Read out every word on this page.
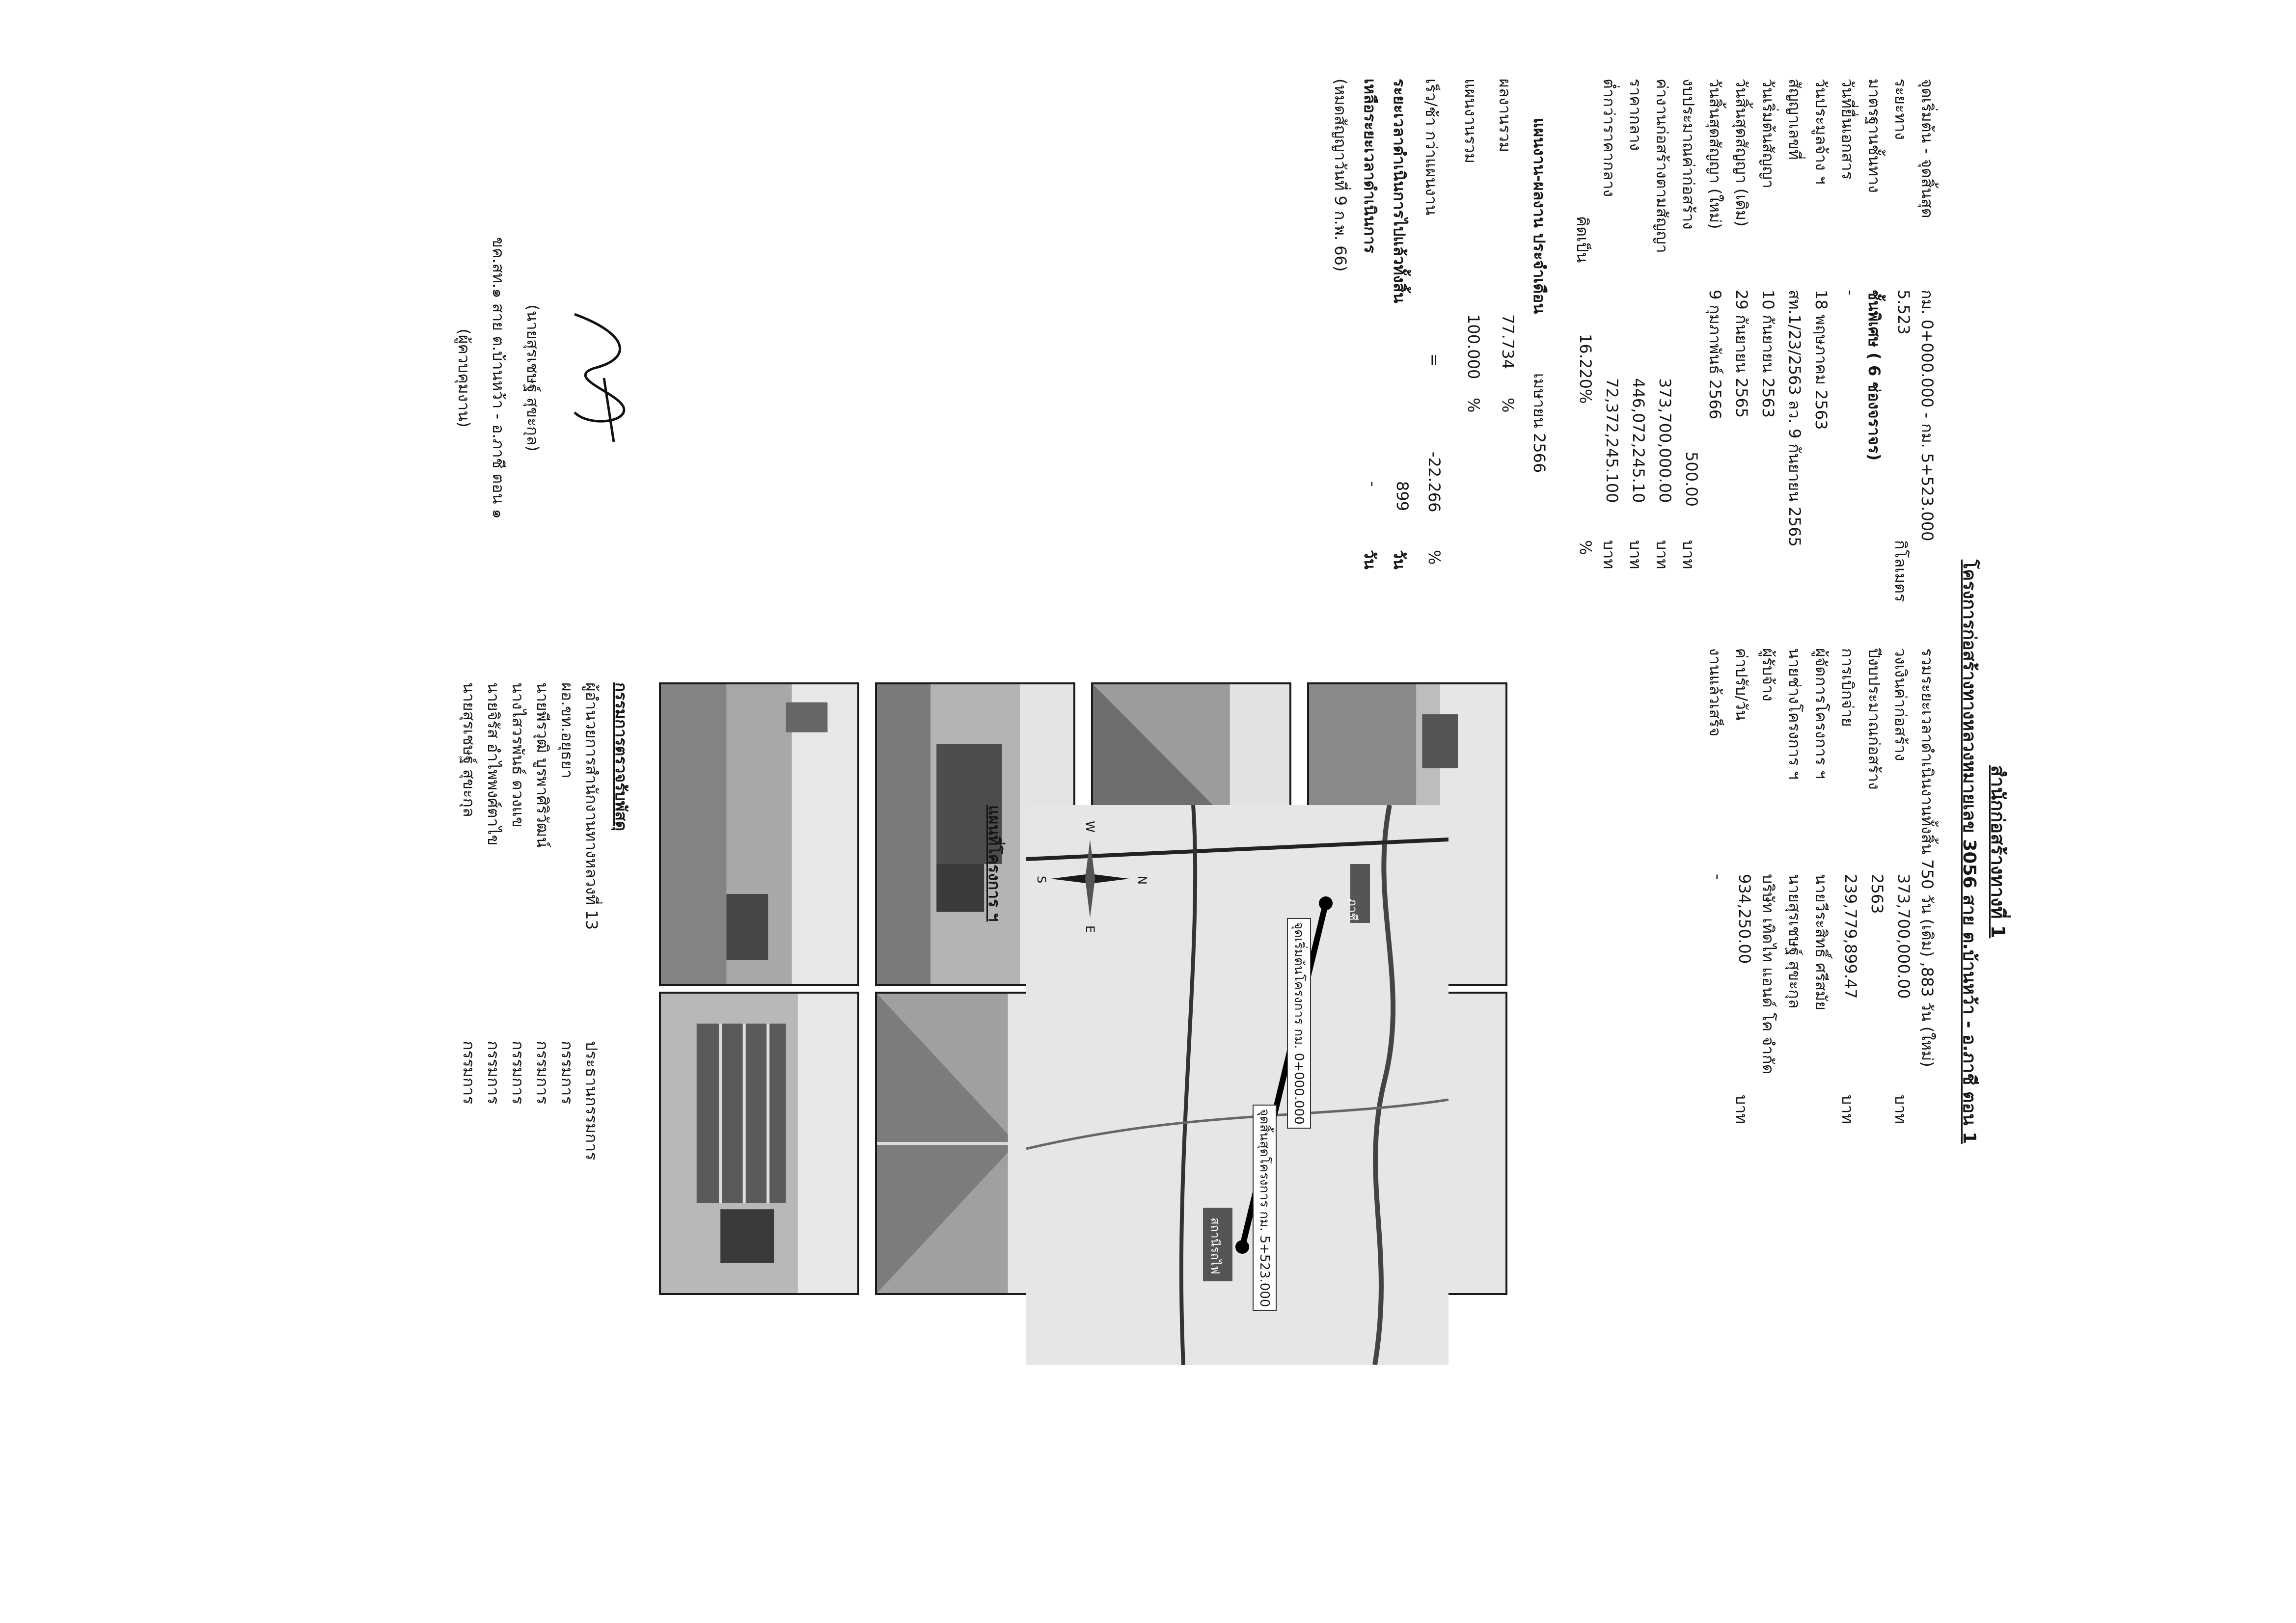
สำนักก่อสร้างทางที่ 1
โครงการก่อสร้างทางหลวงหมายเลข 3056 สาย ต.บ้านหว้า - อ.ภาชี ตอน 1
จุดเริ่มต้น - จุดสิ้นสุด
กม. 0+000.000 - กม. 5+523.000
รวมระยะเวลาดำเนินงานทั้งสิ้น 750 วัน (เดิม) ,883 วัน (ใหม่)
ระยะทาง
5.523
กิโลเมตร
วงเงินค่าก่อสร้าง
373,700,000.00
บาท
มาตรฐานชั้นทาง
ชั้นพิเศษ ( 6 ช่องจราจร)
ปีงบประมาณก่อสร้าง
2563
วันที่ยื่นเอกสาร
-
การเบิกจ่าย
239,779,899.47
บาท
วันประมูลจ้าง ฯ
18 พฤษภาคม 2563
ผู้จัดการโครงการ ฯ
นายวีระสิทธิ์ ศรีสมัย
สัญญาเลขที่
สท.1/23/2563 ลว. 9 กันยายน 2565
นายช่างโครงการ ฯ
นายสุรเชษฐ์ สุขะกุล
วันเริ่มต้นสัญญา
10 กันยายน 2563
ผู้รับจ้าง
บริษัท เทิดไท แอนด์ โค จำกัด
วันสิ้นสุดสัญญา (เดิม)
29 กันยายน 2565
ค่าปรับ/วัน
934,250.00
บาท
วันสิ้นสุดสัญญา (ใหม่)
9 กุมภาพันธ์ 2566
งานแล้วเสร็จ
-
งบประมาณค่าก่อสร้าง
500.00
บาท
ค่างานก่อสร้างตามสัญญา
373,700,000.00
บาท
ราคากลาง
446,072,245.10
บาท
ต่ำกว่าราคากลาง
72,372,245.100
บาท
คิดเป็น
16.220%
%
แผนงาน-ผลงาน ประจำเดือน
เมษายน 2566
ผลงานรวม
77.734
%
แผนงานรวม
100.000
%
เร็ว/ช้า กว่าแผนงาน
=
-22.266
%
ระยะเวลาดำเนินการไปแล้วทั้งสิ้น
899
วัน
เหลือระยะเวลาดำเนินการ
-
วัน
(หมดสัญญาวันที่ 9 ก.พ. 66)
ภาชี
สถานีรถไฟ
จุดเริ่มต้นโครงการ กม. 0+000.000
จุดสิ้นสุดโครงการ กม. 5+523.000
N
S
E
W
แผนที่โครงการ ฯ
กรรมการตรวจรับพัสดุ
ผู้อำนวยการสำนักงานทางหลวงที่ 13
ประธานกรรมการ
ผอ.ขท.อยุธยา
กรรมการ
นายพีรวุฒิ บูรพาศิริวัฒน์
กรรมการ
นางไสวรพันธ์ ดวงแข
กรรมการ
นายจิรัส อำไพพงศ์ตาไข
กรรมการ
นายสุรเชษฐ์ สุขะกุล
กรรมการ
(นายสุรเชษฐ์ สุขะกุล)
ขค.สท.๑ สาย ต.บ้านหว้า - อ.ภาชี ตอน ๑
(ผู้ควบคุมงาน)
